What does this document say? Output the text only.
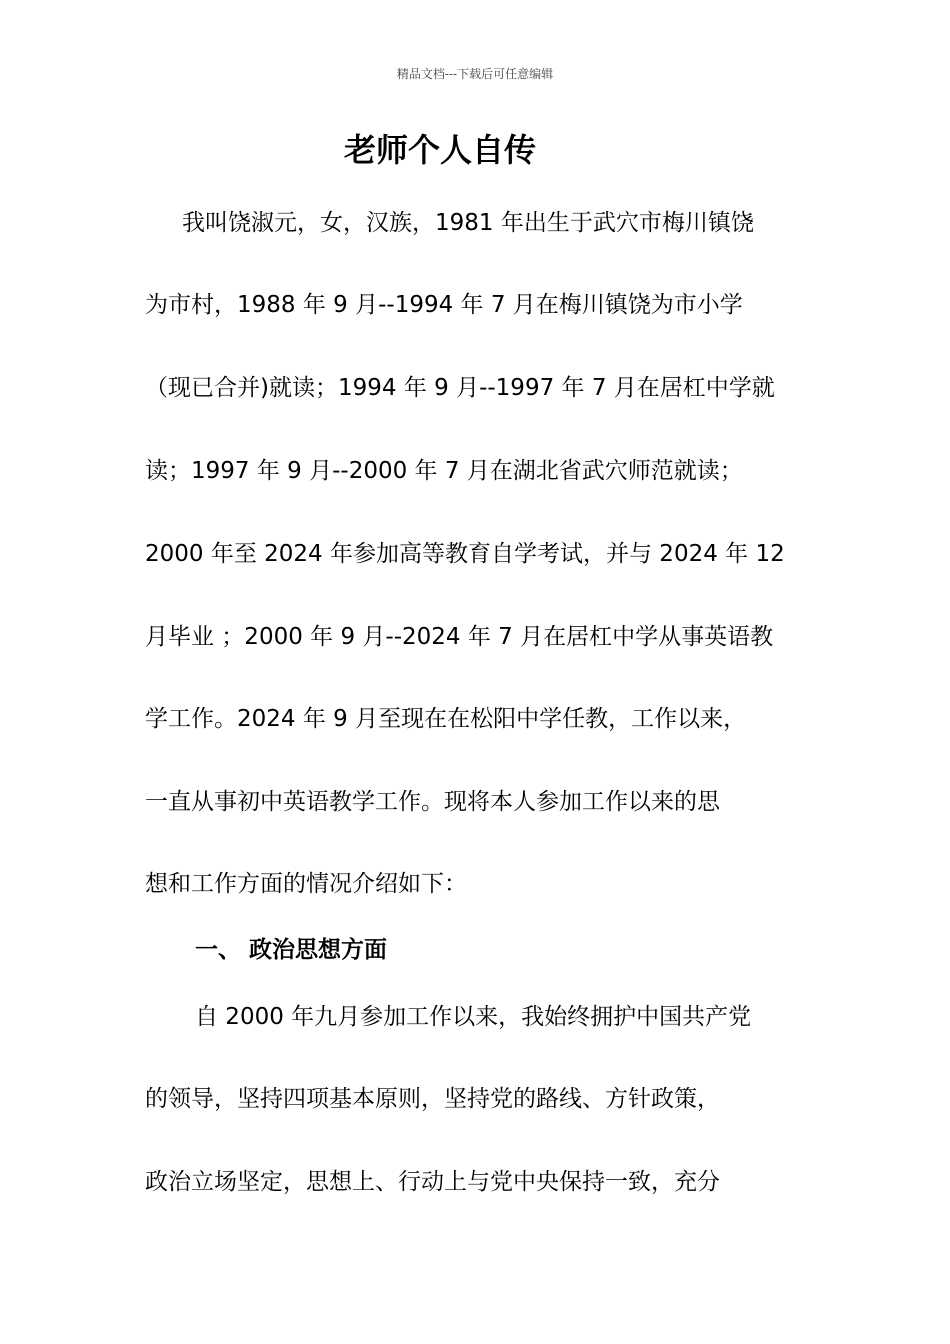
精品文档---下载后可任意编辑
老师个人自传
我叫饶淑元，女，汉族，1981 年出生于武穴市梅川镇饶
为市村，1988 年 9 月--1994 年 7 月在梅川镇饶为市小学
（现已合并)就读；1994 年 9 月--1997 年 7 月在居杠中学就
读；1997 年 9 月--2000 年 7 月在湖北省武穴师范就读；
2000 年至 2024 年参加高等教育自学考试，并与 2024 年 12
月毕业 ；2000 年 9 月--2024 年 7 月在居杠中学从事英语教
学工作。2024 年 9 月至现在在松阳中学任教，工作以来，
一直从事初中英语教学工作。现将本人参加工作以来的思
想和工作方面的情况介绍如下：
一、 政治思想方面
自 2000 年九月参加工作以来，我始终拥护中国共产党
的领导，坚持四项基本原则，坚持党的路线、方针政策，
政治立场坚定，思想上、行动上与党中央保持一致，充分
